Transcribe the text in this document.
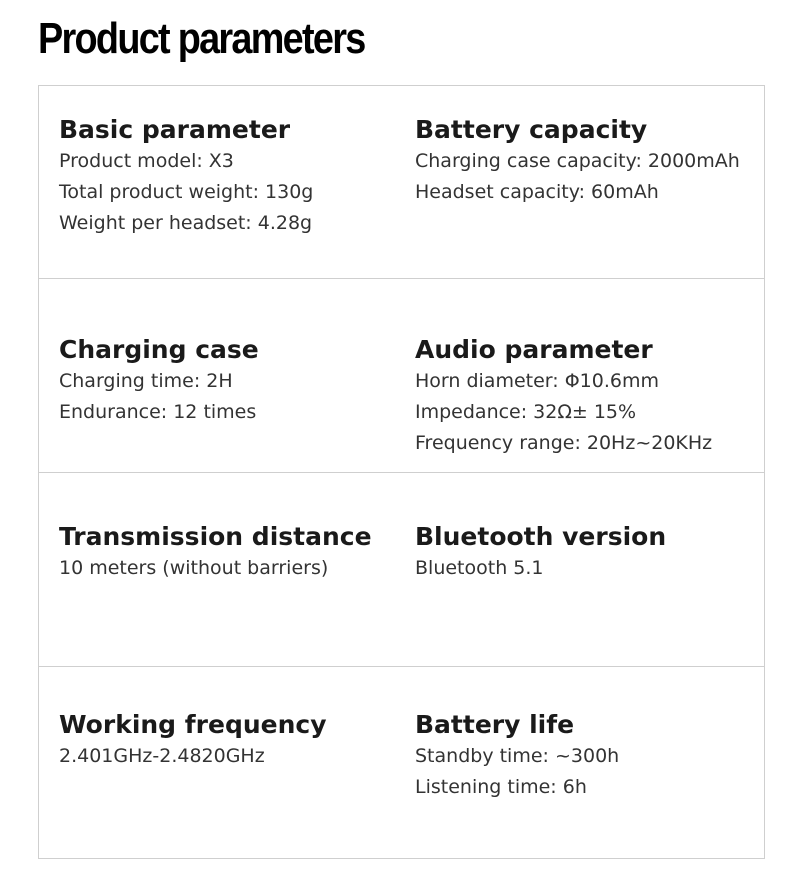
Product parameters
Basic parameter
Product model: X3
Total product weight: 130g
Weight per headset: 4.28g
Battery capacity
Charging case capacity: 2000mAh
Headset capacity: 60mAh
Charging case
Charging time: 2H
Endurance: 12 times
Audio parameter
Horn diameter: Φ10.6mm
Impedance: 32Ω± 15%
Frequency range: 20Hz~20KHz
Transmission distance
10 meters (without barriers)
Bluetooth version
Bluetooth 5.1
Working frequency
2.401GHz-2.4820GHz
Battery life
Standby time: ~300h
Listening time: 6h
